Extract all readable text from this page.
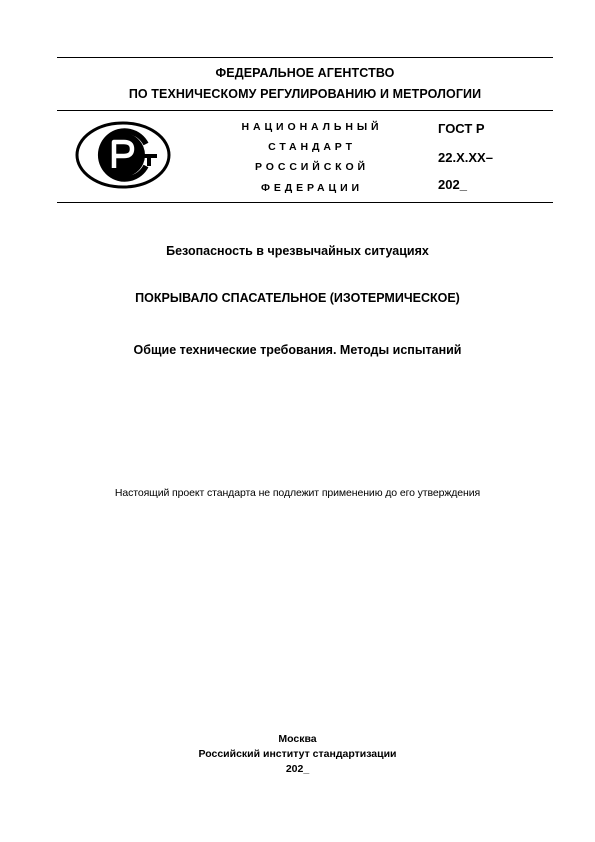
ФЕДЕРАЛЬНОЕ АГЕНТСТВО
ПО ТЕХНИЧЕСКОМУ РЕГУЛИРОВАНИЮ И МЕТРОЛОГИИ
НАЦИОНАЛЬНЫЙ
СТАНДАРТ
РОССИЙСКОЙ
ФЕДЕРАЦИИ
ГОСТ Р
22.Х.ХХ–
202_
Безопасность в чрезвычайных ситуациях
ПОКРЫВАЛО СПАСАТЕЛЬНОЕ (ИЗОТЕРМИЧЕСКОЕ)
Общие технические требования. Методы испытаний
Настоящий проект стандарта не подлежит применению до его утверждения
Москва
Российский институт стандартизации
202_
